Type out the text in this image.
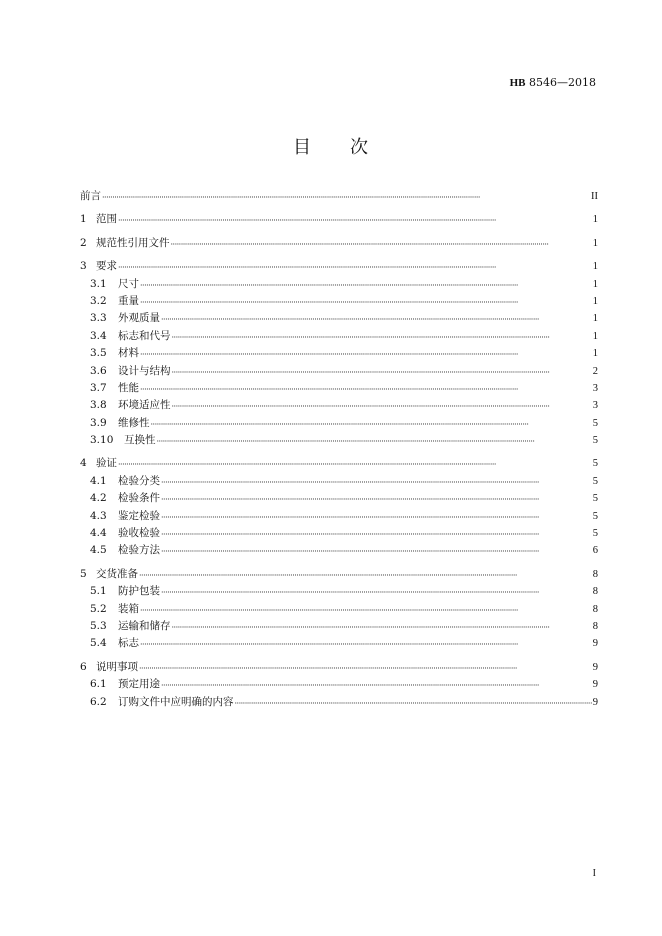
HB 8546—2018
目　　次
前言 ·····	II
1 范围 ·····	1
2 规范性引用文件 ·····	1
3 要求 ·····	1
3.1	尺寸 ·····	1
3.2	重量 ·····	1
3.3	外观质量 ·····	1
3.4	标志和代号 ·····	1
3.5	材料 ·····	1
3.6	设计与结构 ·····	2
3.7	性能 ·····	3
3.8	环境适应性 ·····	3
3.9	维修性 ·····	5
3.10	互换性 ·····	5
4 验证 ·····	5
4.1	检验分类 ·····	5
4.2	检验条件 ·····	5
4.3	鉴定检验 ·····	5
4.4	验收检验 ·····	5
4.5	检验方法 ·····	6
5 交货准备 ·····	8
5.1	防护包装 ·····	8
5.2	装箱 ·····	8
5.3	运输和储存 ·····	8
5.4	标志 ·····	9
6 说明事项 ·····	9
6.1	预定用途 ·····	9
6.2	订购文件中应明确的内容 ·····	9
I
